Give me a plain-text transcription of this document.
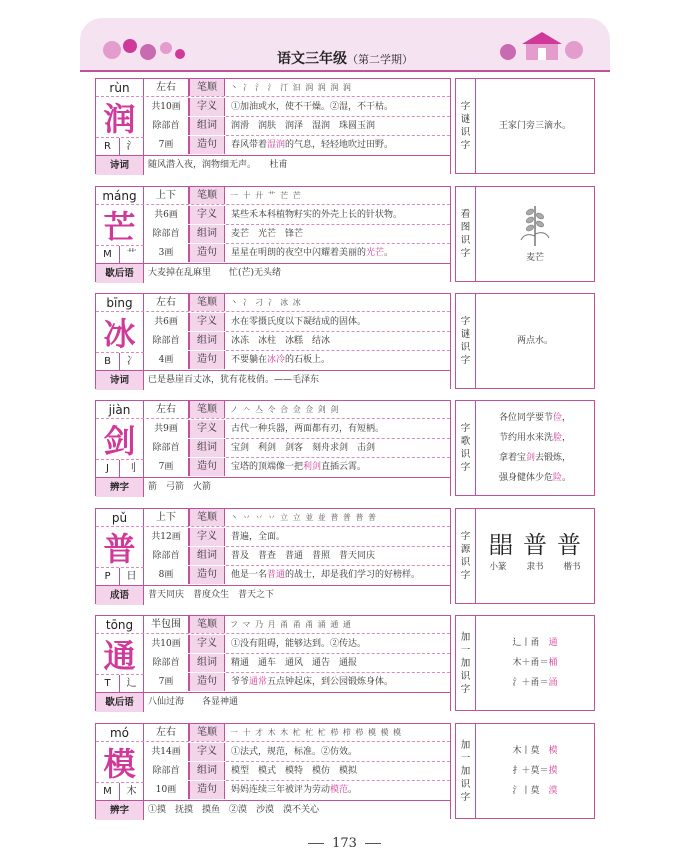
语文三年级（第二学期）
rùn	左右	笔顺	丶 冫 氵 氵 汀 汩 润 润 润 润
润
R	氵
共10画	字义	①加油或水，使不干燥。②湿，不干枯。
除部首	组词	润滑　润肤　润泽　湿润　珠圆玉润
7画	造句	春风带着湿润的气息，轻轻地吹过田野。
诗词	随风潜入夜，润物细无声。　　杜甫
字
谜
识
字
王家门旁三滴水。
máng	上下	笔顺	一 十 廾 艹 芒 芒
芒
M	艹
共6画	字义	某些禾本科植物籽实的外壳上长的针状物。
除部首	组词	麦芒　光芒　锋芒
3画	造句	星星在明朗的夜空中闪耀着美丽的光芒。
歇后语	大麦掉在乱麻里　　忙(芒)无头绪
看
图
识
字	麦芒
bīng	左右	笔顺	丶 冫 刁 冫 冰 冰
冰
B	冫
共6画	字义	水在零摄氏度以下凝结成的固体。
除部首	组词	冰冻　冰柱　冰糕　结冰
4画	造句	不要躺在冰冷的石板上。
诗词	已是悬崖百丈冰，犹有花枝俏。——毛泽东
字
谜
识
字
两点水。
jiàn	左右	笔顺	ノ 𠆢 亼 仒 合 佥 佥 剑 剑
剑
J	刂
共9画	字义	古代一种兵器，两面都有刃，有短柄。
除部首	组词	宝剑　利剑　剑客　刻舟求剑　击剑
7画	造句	宝塔的顶端像一把利剑直插云霄。
辨字	箭　弓箭　火箭
字
歌
识
字
各位同学要节俭，
节约用水来洗脸，
拿着宝剑去锻炼，
强身健体少危险。
pǔ	上下	笔顺	丶 丷 丷 丷 立 立 並 並 普 普 普 普
普
P	日
共12画	字义	普遍，全面。
除部首	组词	普及　普查　普通　普照　普天同庆
8画	造句	他是一名普通的战士，却是我们学习的好榜样。
成语	普天同庆　普度众生　普天之下
字
源
识
字
𣊫 普 普
小篆 隶书 楷书
tōng	半包围	笔顺	フ マ 乃 月 甬 甬 甬 涌 通 通
通
T	辶
共10画	字义	①没有阻碍，能够达到。②传达。
除部首	组词	精通　通车　通风　通告　通报
7画	造句	爷爷通常五点钟起床，到公园锻炼身体。
歇后语	八仙过海　　各显神通
加
一
加
识
字
辶丨甬　通
木＋甬＝桶
氵＋甬＝涌
mó	左右	笔顺	一 十 才 木 木 杧 杧 杧 栉 栉 栉 模 模 模
模
M	木
共14画	字义	①法式，规范，标准。②仿效。
除部首	组词	模型　模式　模特　模仿　模拟
10画	造句	妈妈连续三年被评为劳动模范。
辨字	①摸　抚摸　摸鱼　②漠　沙漠　漠不关心
加
一
加
识
字
木丨莫　模
扌＋莫＝摸
氵丨莫　漠
173
